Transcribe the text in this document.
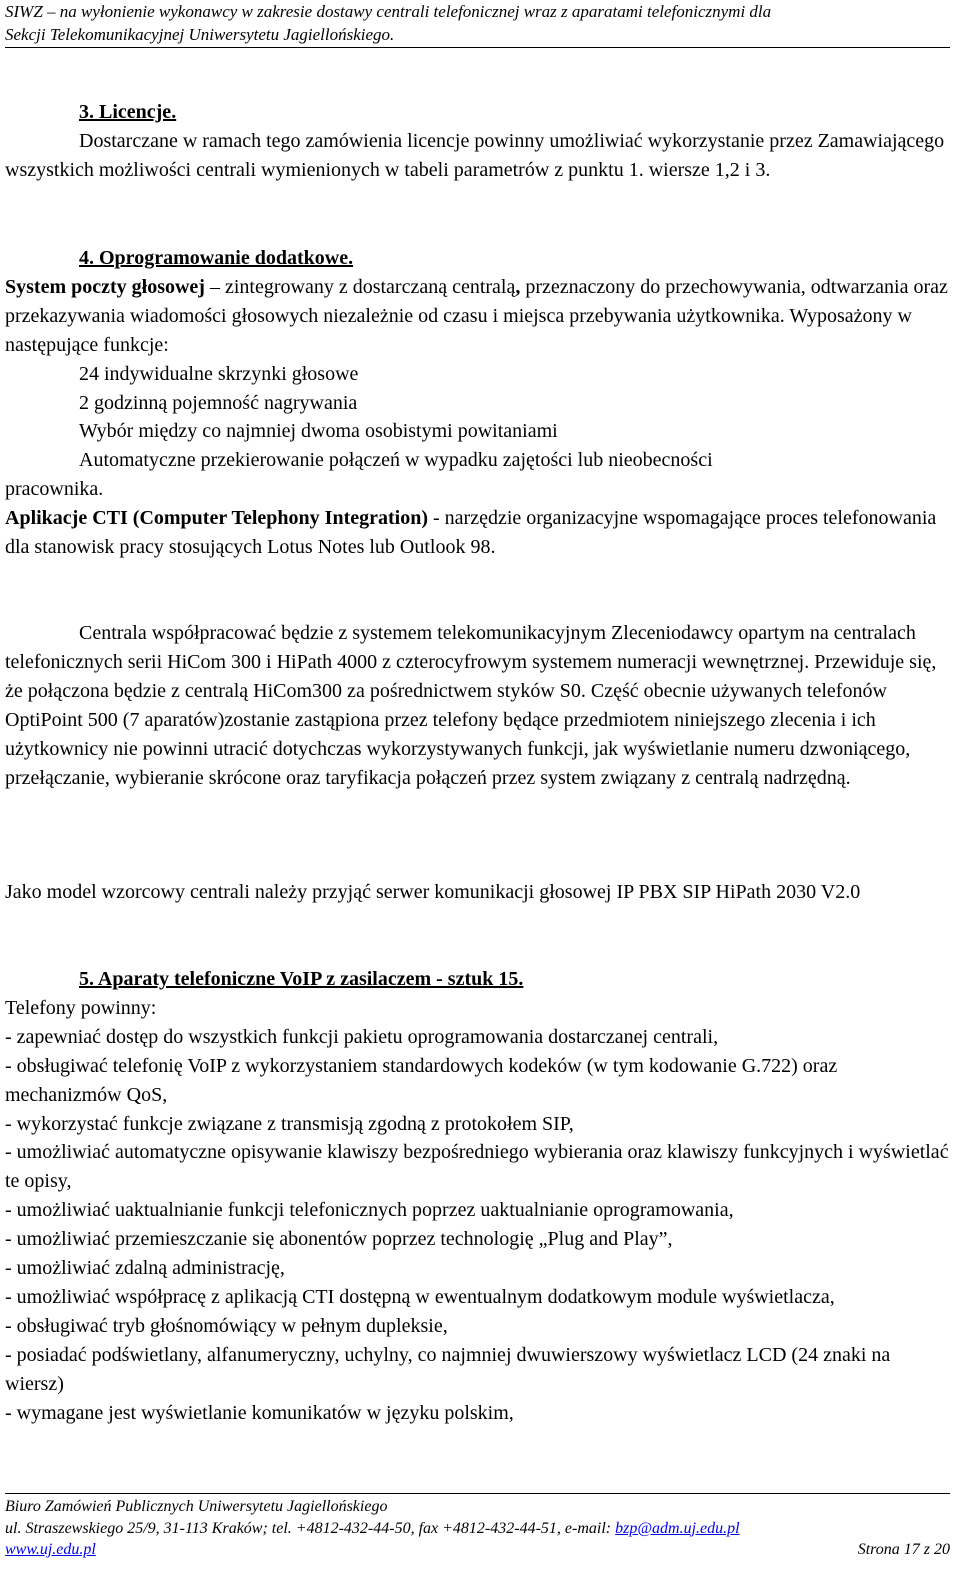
SIWZ – na wyłonienie wykonawcy w zakresie dostawy centrali telefonicznej wraz z aparatami telefonicznymi dla
Sekcji Telekomunikacyjnej Uniwersytetu Jagiellońskiego.
3. Licencje.
Dostarczane w ramach tego zamówienia licencje powinny umożliwiać wykorzystanie przez Zamawiającego wszystkich możliwości centrali wymienionych w tabeli parametrów z punktu 1. wiersze 1,2 i 3.
4. Oprogramowanie dodatkowe.
System poczty głosowej – zintegrowany z dostarczaną centralą, przeznaczony do przechowywania, odtwarzania oraz przekazywania wiadomości głosowych niezależnie od czasu i miejsca przebywania użytkownika. Wyposażony w następujące funkcje:
24 indywidualne skrzynki głosowe
2 godzinną pojemność nagrywania
Wybór między co najmniej dwoma osobistymi powitaniami
Automatyczne przekierowanie połączeń w wypadku zajętości lub nieobecności
pracownika.
Aplikacje CTI (Computer Telephony Integration) - narzędzie organizacyjne wspomagające proces telefonowania dla stanowisk pracy stosujących Lotus Notes lub Outlook 98.
Centrala współpracować będzie z systemem telekomunikacyjnym Zleceniodawcy opartym na centralach telefonicznych serii HiCom 300 i HiPath 4000 z czterocyfrowym systemem numeracji wewnętrznej. Przewiduje się, że połączona będzie z centralą HiCom300 za pośrednictwem styków S0. Część obecnie używanych telefonów OptiPoint 500 (7 aparatów)zostanie zastąpiona przez telefony będące przedmiotem niniejszego zlecenia i ich użytkownicy nie powinni utracić dotychczas wykorzystywanych funkcji, jak wyświetlanie numeru dzwoniącego, przełączanie, wybieranie skrócone oraz taryfikacja połączeń przez system związany z centralą nadrzędną.
Jako model wzorcowy centrali należy przyjąć serwer komunikacji głosowej IP PBX SIP HiPath 2030 V2.0
5. Aparaty telefoniczne VoIP z zasilaczem - sztuk 15.
Telefony powinny:
- zapewniać dostęp do wszystkich funkcji pakietu oprogramowania dostarczanej centrali,
- obsługiwać telefonię VoIP z wykorzystaniem standardowych kodeków (w tym kodowanie G.722) oraz mechanizmów QoS,
- wykorzystać funkcje związane z transmisją zgodną z protokołem SIP,
- umożliwiać automatyczne opisywanie klawiszy bezpośredniego wybierania oraz klawiszy funkcyjnych i wyświetlać te opisy,
- umożliwiać uaktualnianie funkcji telefonicznych poprzez uaktualnianie oprogramowania,
- umożliwiać przemieszczanie się abonentów poprzez technologię „Plug and Play”,
- umożliwiać zdalną administrację,
- umożliwiać współpracę z aplikacją CTI dostępną w ewentualnym dodatkowym module wyświetlacza,
- obsługiwać tryb głośnomówiący w pełnym dupleksie,
- posiadać podświetlany, alfanumeryczny, uchylny, co najmniej dwuwierszowy wyświetlacz LCD (24 znaki na wiersz)
- wymagane jest wyświetlanie komunikatów w języku polskim,
Biuro Zamówień Publicznych Uniwersytetu Jagiellońskiego
ul. Straszewskiego 25/9, 31-113 Kraków; tel. +4812-432-44-50, fax +4812-432-44-51, e-mail: bzp@adm.uj.edu.pl
www.uj.edu.pl	Strona 17 z 20
